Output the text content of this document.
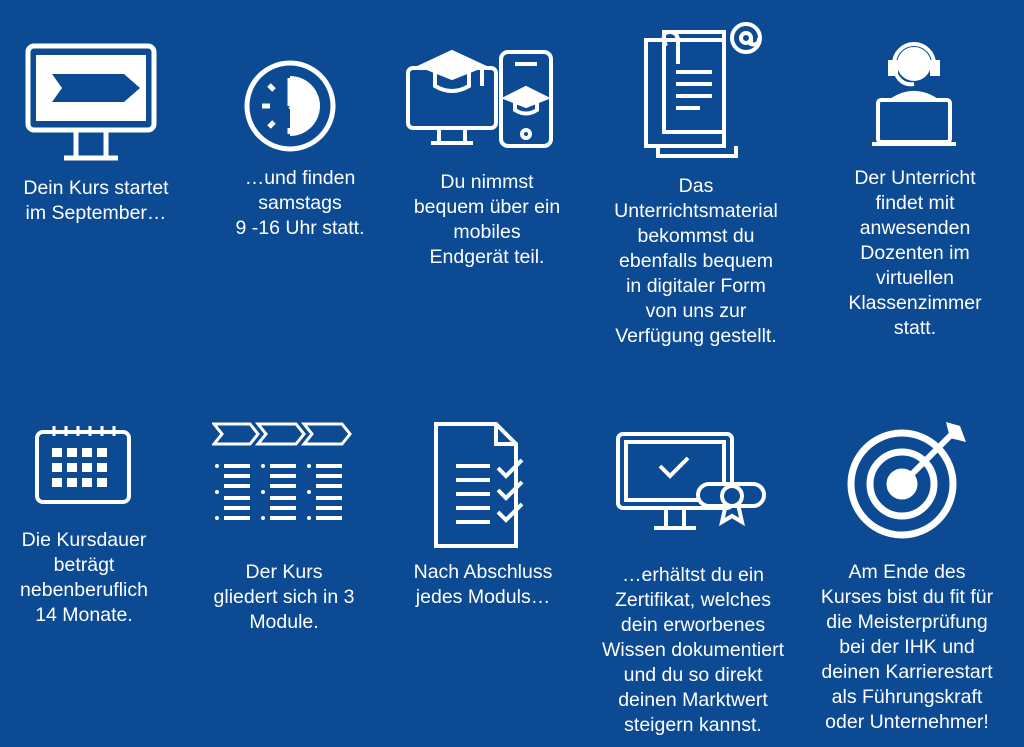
Dein Kurs startet
im September…
…und finden
samstags
9 -16 Uhr statt.
Du nimmst
bequem über ein
mobiles
Endgerät teil.
Das
Unterrichtsmaterial
bekommst du
ebenfalls bequem
in digitaler Form
von uns zur
Verfügung gestellt.
Der Unterricht
findet mit
anwesenden
Dozenten im
virtuellen
Klassenzimmer
statt.
Die Kursdauer
beträgt
nebenberuflich
14 Monate.
Der Kurs
gliedert sich in 3
Module.
Nach Abschluss
jedes Moduls…
…erhältst du ein
Zertifikat, welches
dein erworbenes
Wissen dokumentiert
und du so direkt
deinen Marktwert
steigern kannst.
Am Ende des
Kurses bist du fit für
die Meisterprüfung
bei der IHK und
deinen Karrierestart
als Führungskraft
oder Unternehmer!
